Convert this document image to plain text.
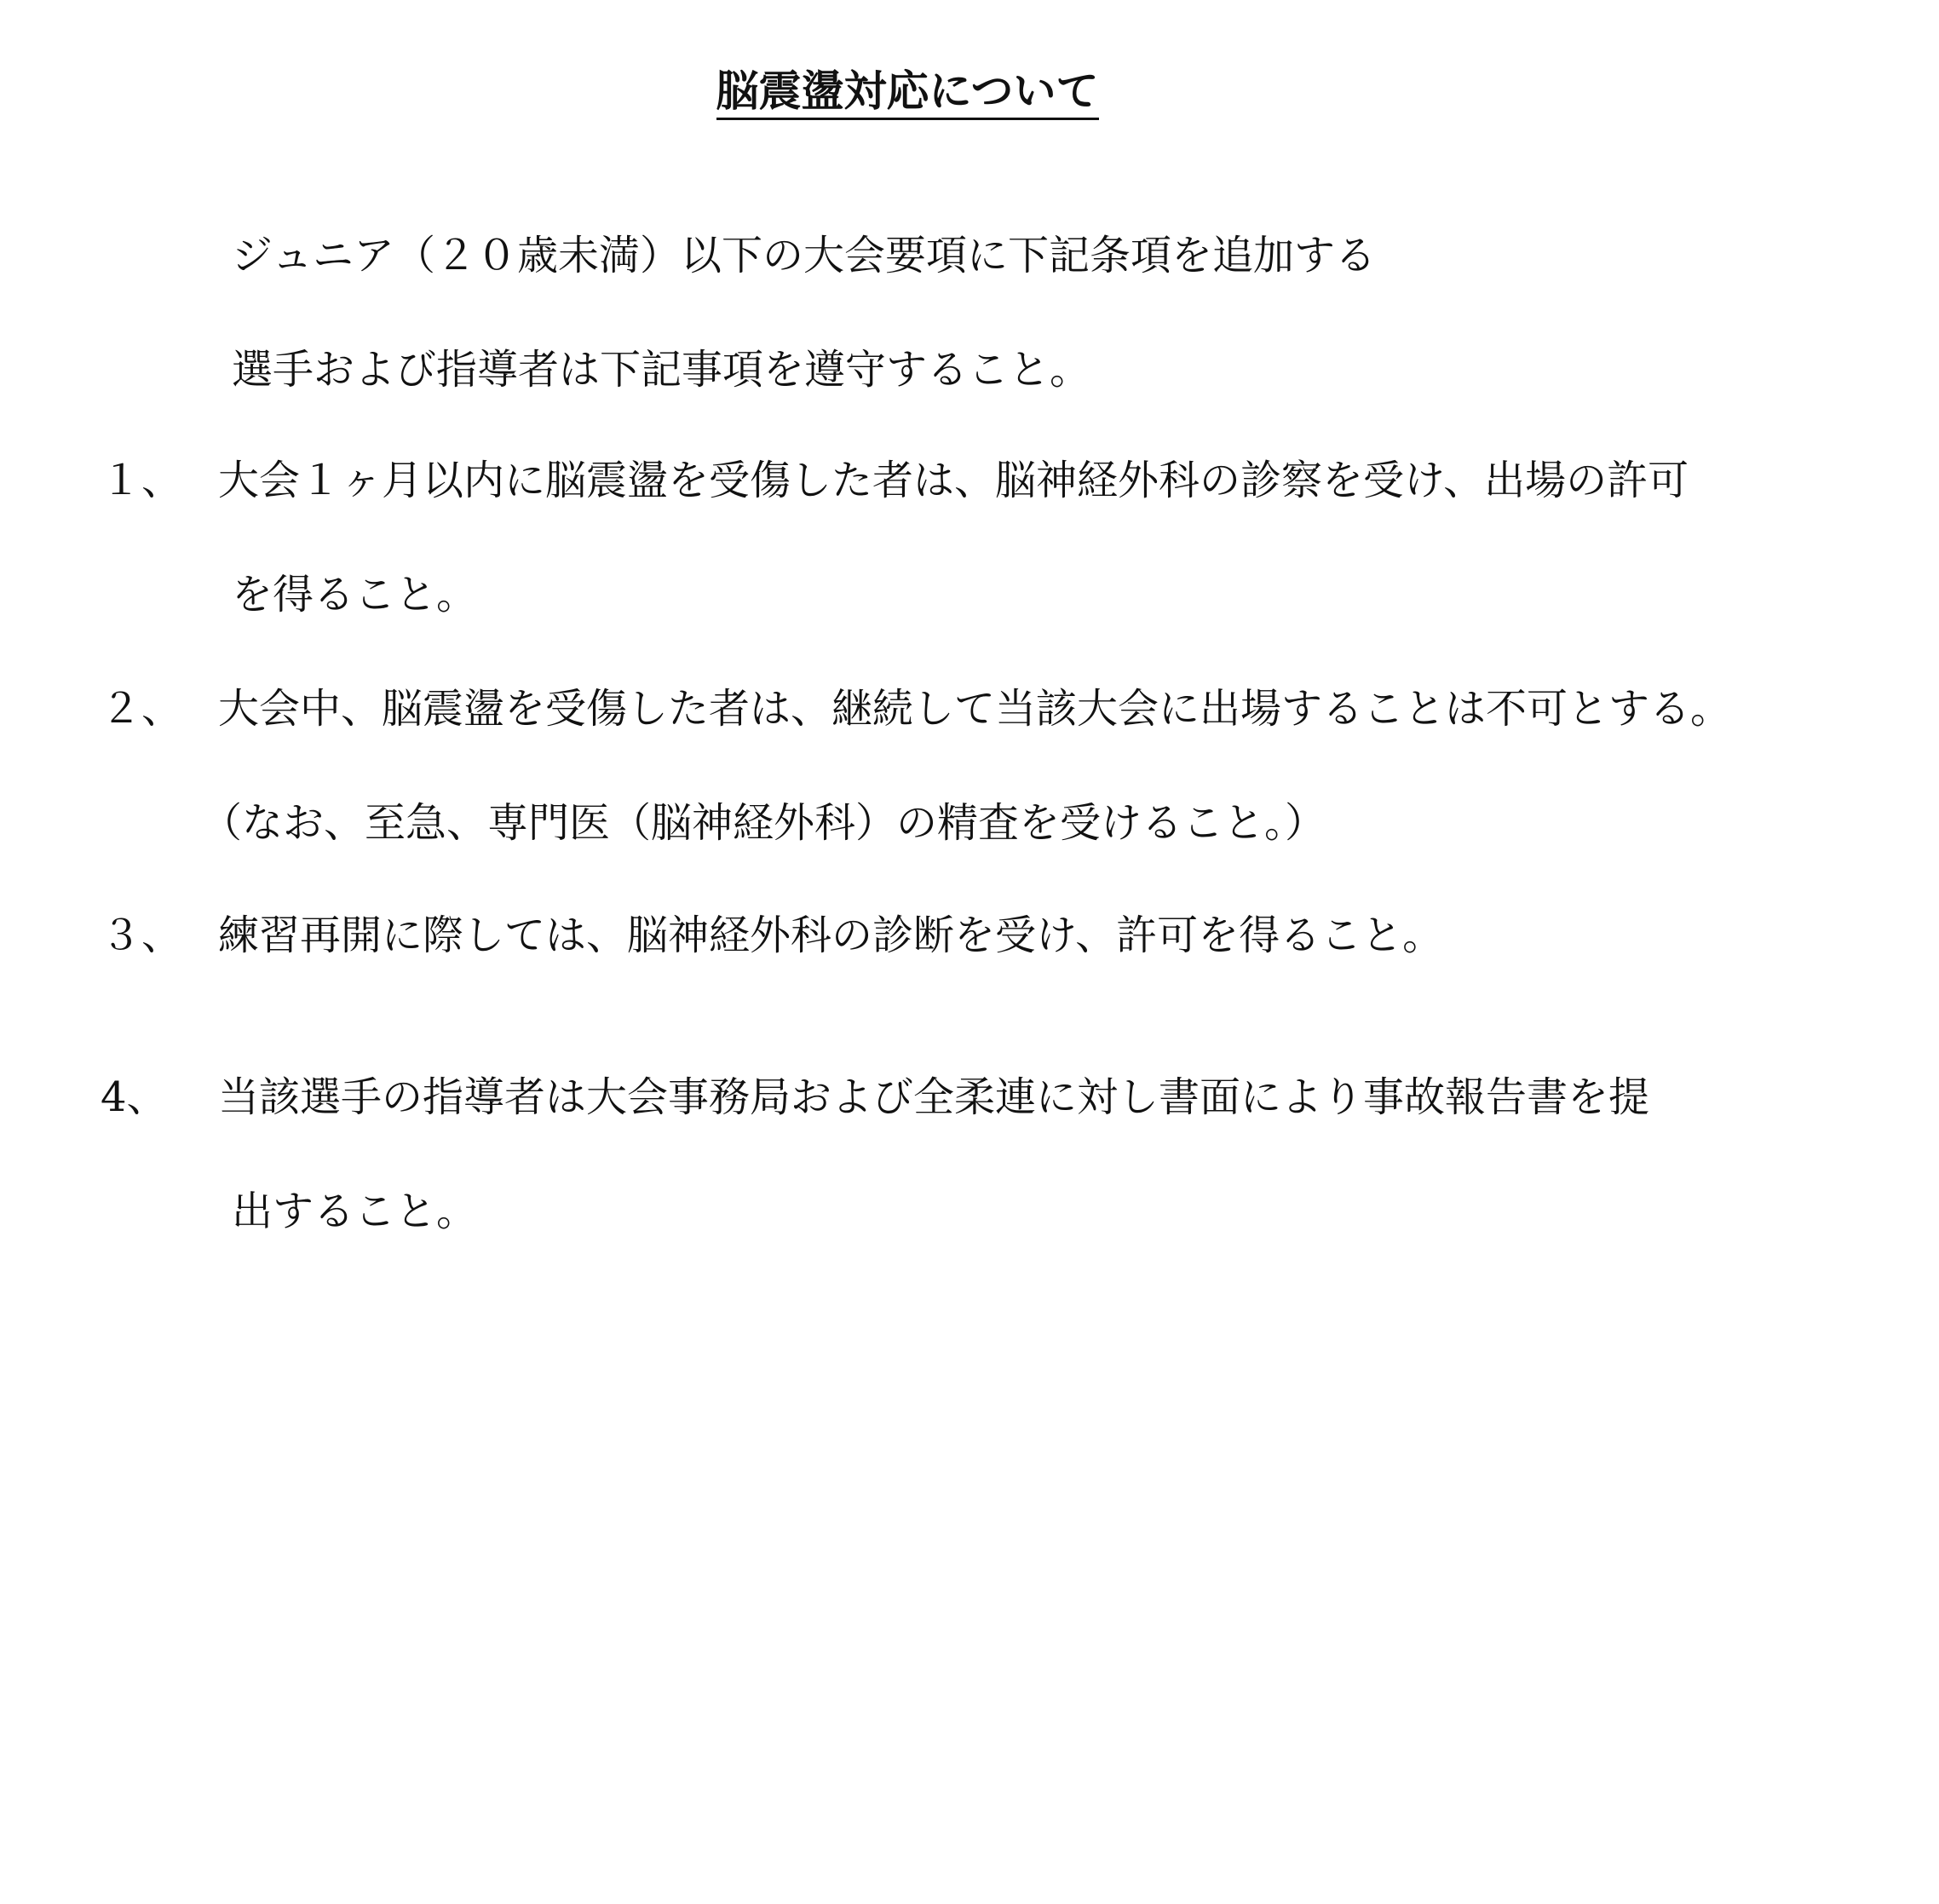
脳震盪対応について
ジュニア（２０歳未満）以下の大会要項に下記条項を追加する
選手および指導者は下記事項を遵守すること。
１、 大会１ヶ月以内に脳震盪を受傷した者は、脳神経外科の診察を受け、出場の許可
を得ること。
２、 大会中、脳震盪を受傷した者は、継続して当該大会に出場することは不可とする。
（なお、至急、専門医（脳神経外科）の精査を受けること。）
３、 練習再開に際しては、脳神経外科の診断を受け、許可を得ること。
4、 当該選手の指導者は大会事務局および全柔連に対し書面により事故報告書を提
出すること。
